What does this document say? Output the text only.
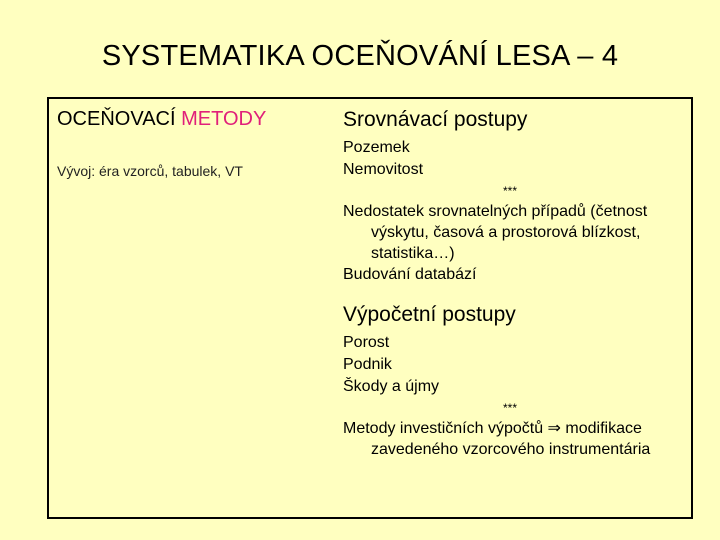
SYSTEMATIKA OCEŇOVÁNÍ LESA – 4
OCEŇOVACÍ METODY
Vývoj: éra vzorců, tabulek, VT
Srovnávací postupy
Pozemek
Nemovitost
***
Nedostatek srovnatelných případů (četnost výskytu, časová a prostorová blízkost, statistika…)
Budování databází
Výpočetní postupy
Porost
Podnik
Škody a újmy
***
Metody investičních výpočtů ⇒ modifikace zavedeného vzorcového instrumentária
